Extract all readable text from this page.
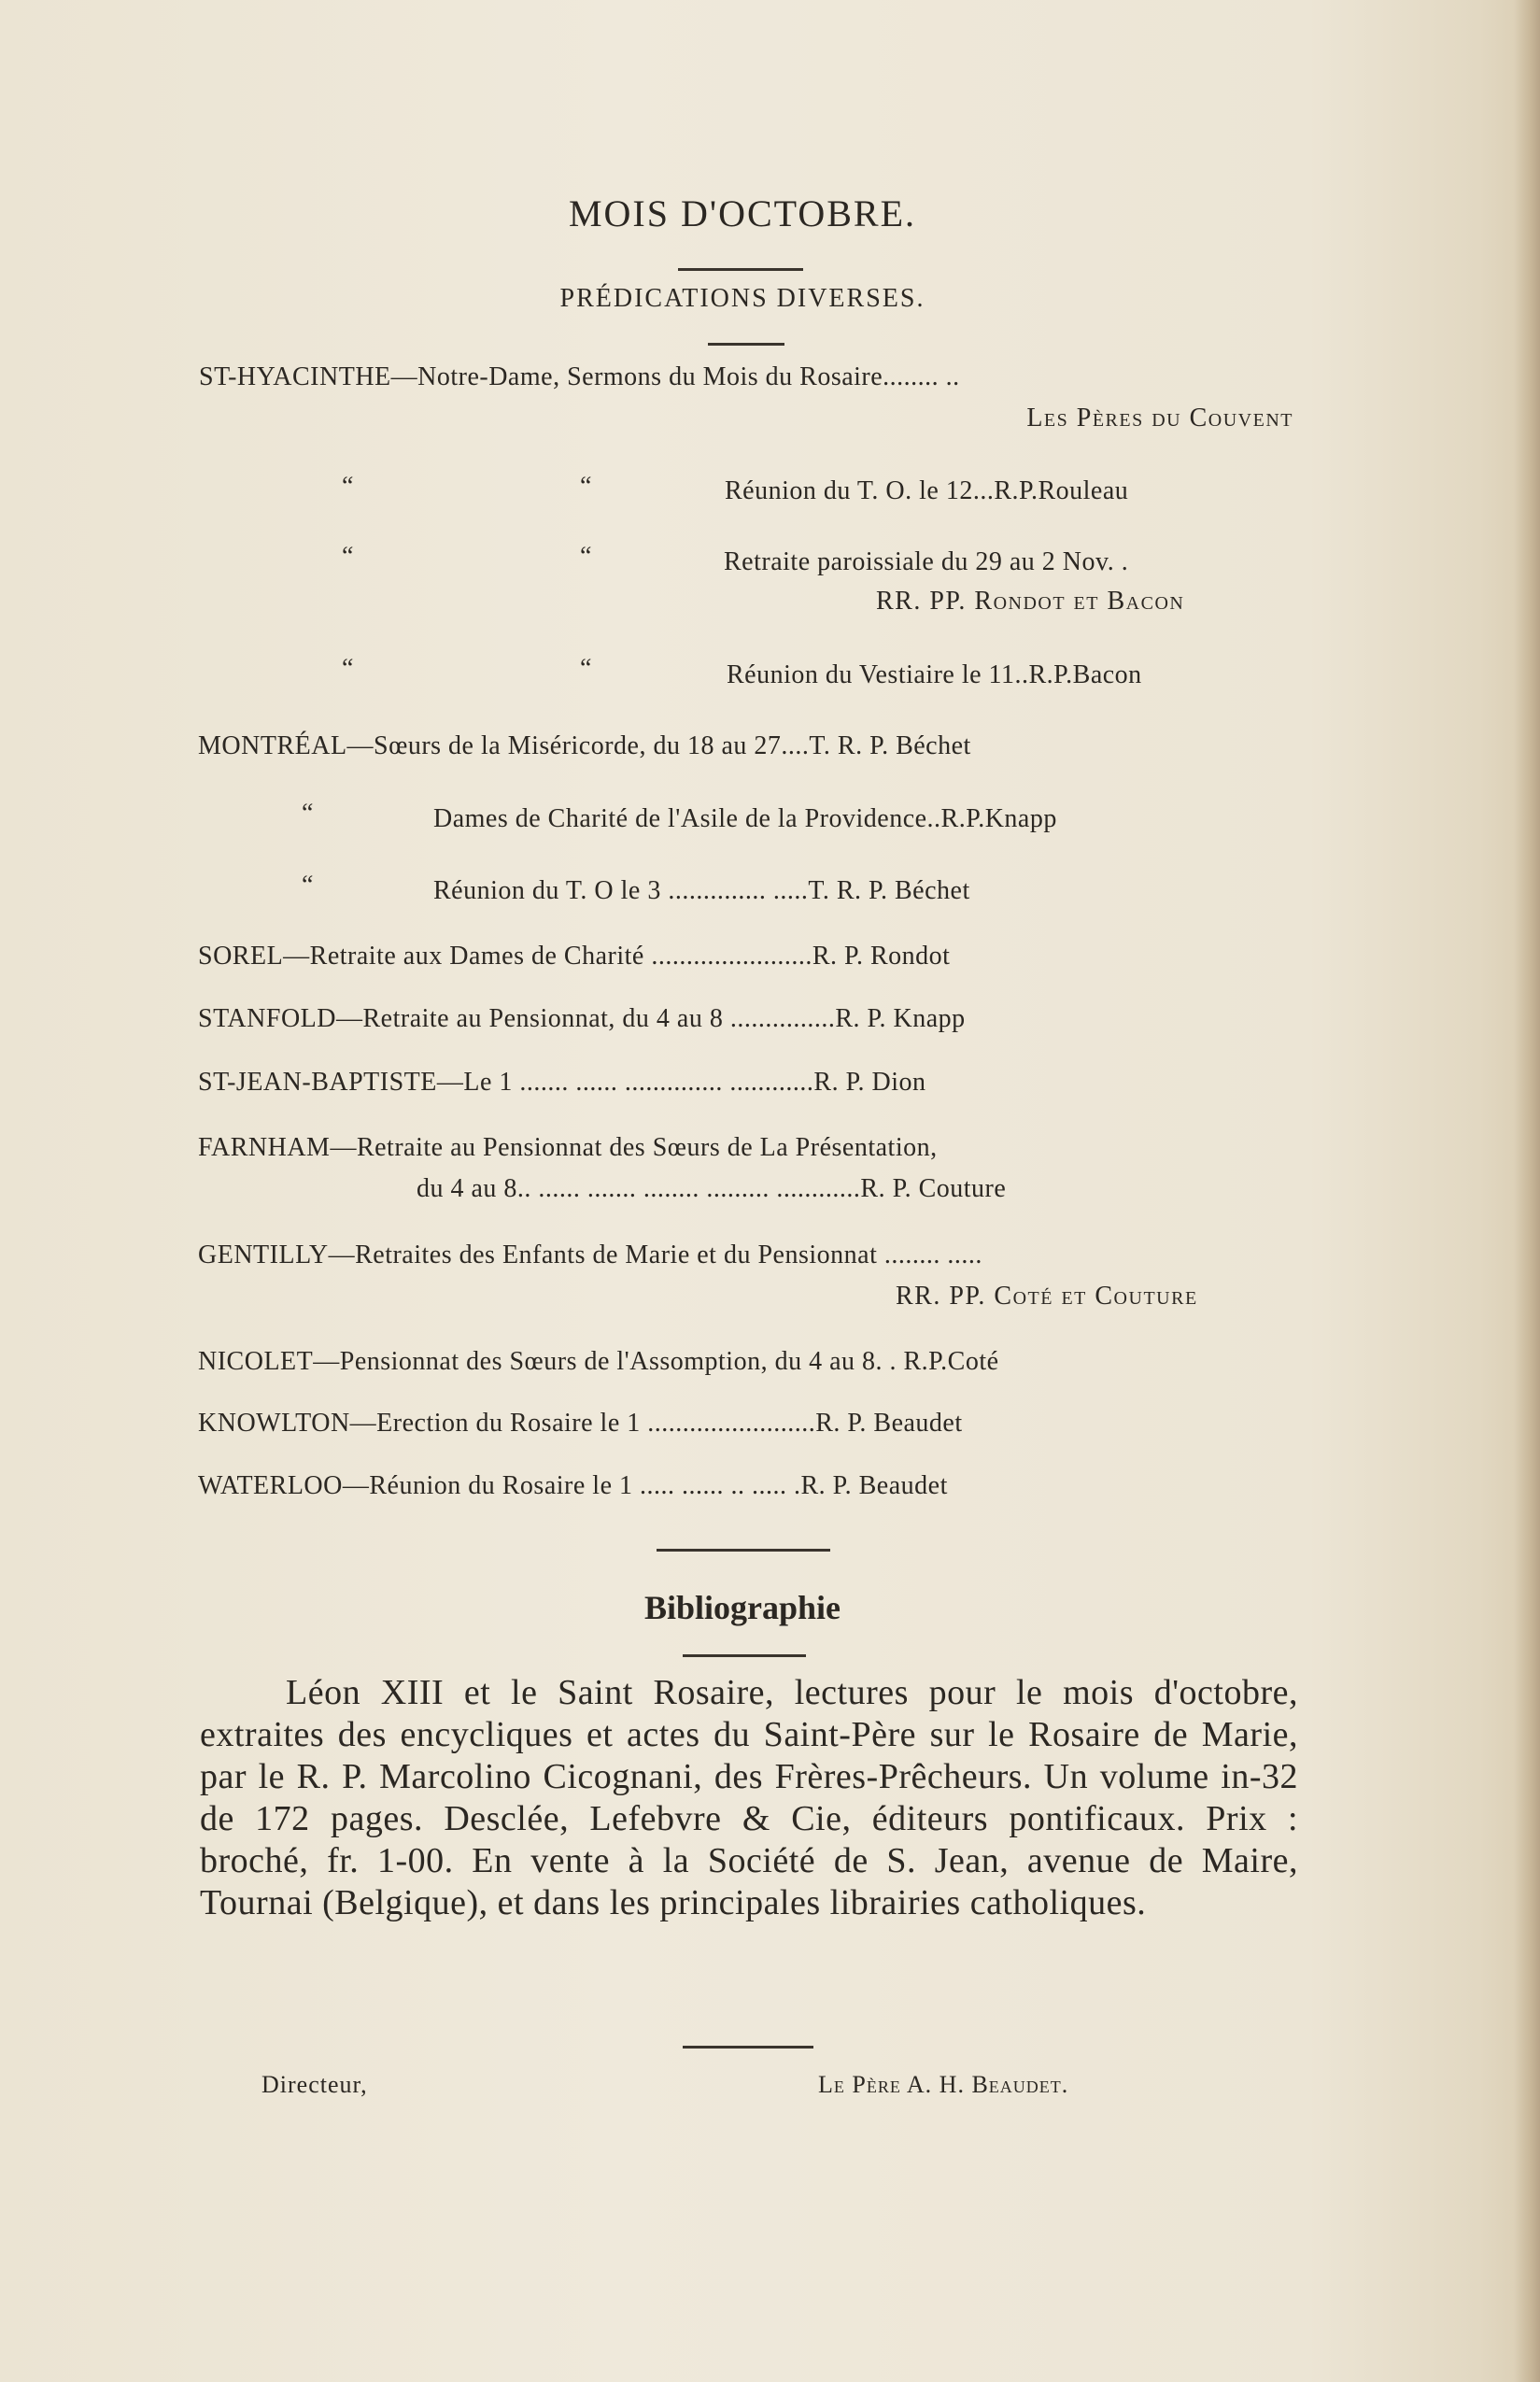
MOIS D'OCTOBRE.
PRÉDICATIONS DIVERSES.
ST-HYACINTHE—Notre-Dame, Sermons du Mois du Rosaire........ ..
Les Pères du Couvent
“	“	Réunion du T. O. le 12...R.P.Rouleau
“	“	Retraite paroissiale du 29 au 2 Nov. .
RR. PP. Rondot et Bacon
“	“	Réunion du Vestiaire le 11..R.P.Bacon
MONTRÉAL—Sœurs de la Miséricorde, du 18 au 27....T. R. P. Béchet
“	Dames de Charité de l'Asile de la Providence..R.P.Knapp
“	Réunion du T. O le 3 .............. .....T. R. P. Béchet
SOREL—Retraite aux Dames de Charité .......................R. P. Rondot
STANFOLD—Retraite au Pensionnat, du 4 au 8 ...............R. P. Knapp
ST-JEAN-BAPTISTE—Le 1 ....... ...... .............. ............R. P. Dion
FARNHAM—Retraite au Pensionnat des Sœurs de La Présentation,
du 4 au 8.. ...... ....... ........ ......... ............R. P. Couture
GENTILLY—Retraites des Enfants de Marie et du Pensionnat ........ .....
RR. PP. Coté et Couture
NICOLET—Pensionnat des Sœurs de l'Assomption, du 4 au 8. . R.P.Coté
KNOWLTON—Erection du Rosaire le 1 ........................R. P. Beaudet
WATERLOO—Réunion du Rosaire le 1 ..... ...... .. ..... .R. P. Beaudet
Bibliographie
Léon XIII et le Saint Rosaire, lectures pour le mois d'octobre, extraites des encycliques et actes du Saint-Père sur le Rosaire de Marie, par le R. P. Marcolino Cicognani, des Frères-Prêcheurs. Un volume in-32 de 172 pages. Desclée, Lefebvre & Cie, éditeurs pontificaux. Prix : broché, fr. 1-00. En vente à la Société de S. Jean, avenue de Maire, Tournai (Belgique), et dans les principales librairies catholiques.
Directeur,	Le Père A. H. Beaudet.
